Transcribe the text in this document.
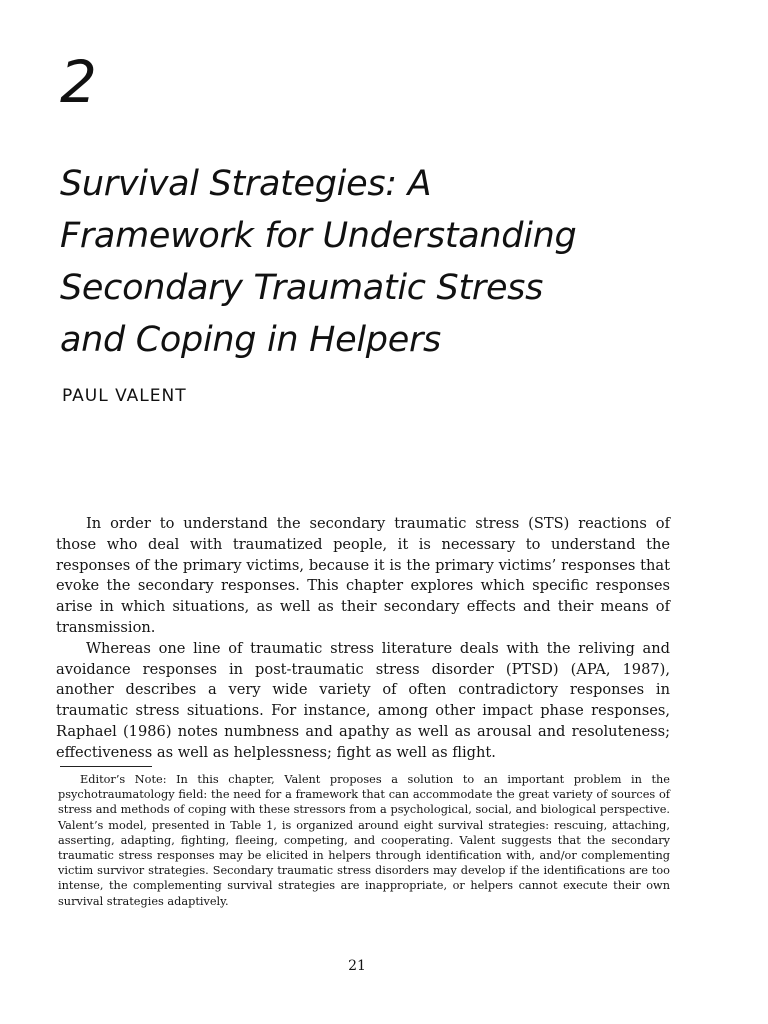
2
Survival Strategies: A
Framework for Understanding
Secondary Traumatic Stress
and Coping in Helpers
PAUL VALENT

In order to understand the secondary traumatic stress (STS) reactions of those who deal with traumatized people, it is necessary to understand the responses of the primary victims, because it is the primary victims’ responses that evoke the secondary responses. This chapter explores which specific responses arise in which situations, as well as their secondary effects and their means of transmission.

Whereas one line of traumatic stress literature deals with the reliving and avoidance responses in post-traumatic stress disorder (PTSD) (APA, 1987), another describes a very wide variety of often contradictory responses in traumatic stress situations. For instance, among other impact phase responses, Raphael (1986) notes numbness and apathy as well as arousal and resoluteness; effectiveness as well as helplessness; fight as well as flight.

Editor’s Note: In this chapter, Valent proposes a solution to an important problem in the psychotraumatology field: the need for a framework that can accommodate the great variety of sources of stress and methods of coping with these stressors from a psychological, social, and biological perspective. Valent’s model, presented in Table 1, is organized around eight survival strategies: rescuing, attaching, asserting, adapting, fighting, fleeing, competing, and cooperating. Valent suggests that the secondary traumatic stress responses may be elicited in helpers through identification with, and/or complementing victim survivor strategies. Secondary traumatic stress disorders may develop if the identifications are too intense, the complementing survival strategies are inappropriate, or helpers cannot execute their own survival strategies adaptively.

21
